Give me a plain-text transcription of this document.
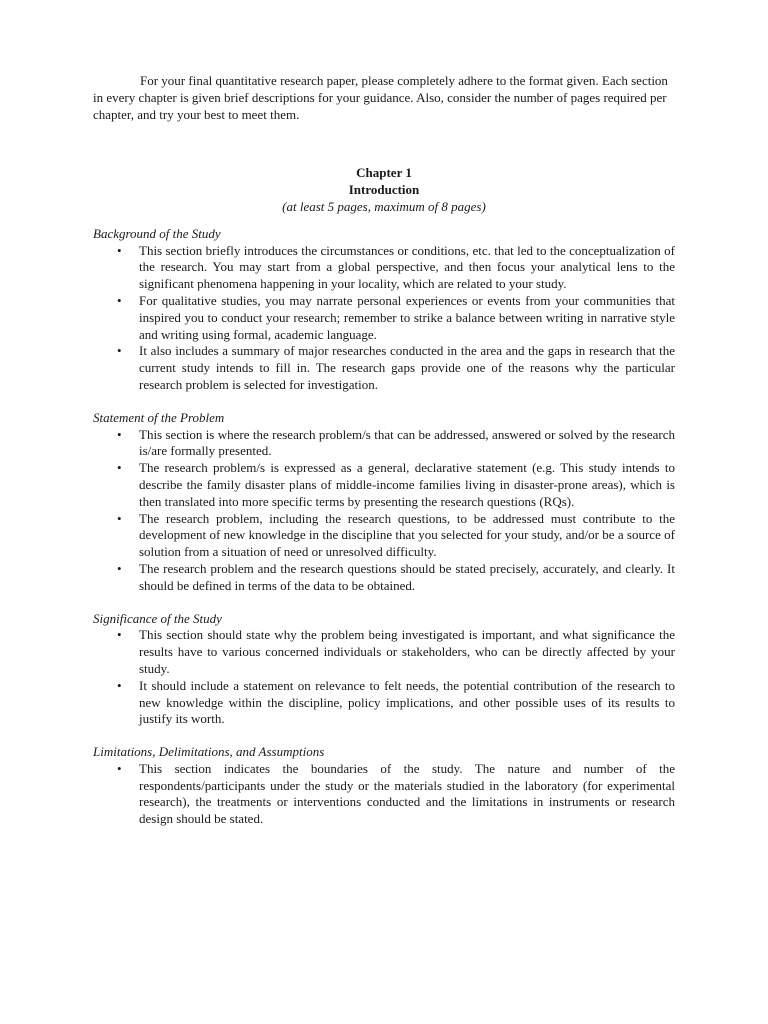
For your final quantitative research paper, please completely adhere to the format given. Each section in every chapter is given brief descriptions for your guidance. Also, consider the number of pages required per chapter, and try your best to meet them.

Chapter 1
Introduction
(at least 5 pages, maximum of 8 pages)
Background of the Study
• This section briefly introduces the circumstances or conditions, etc. that led to the conceptualization of the research. You may start from a global perspective, and then focus your analytical lens to the significant phenomena happening in your locality, which are related to your study.
• For qualitative studies, you may narrate personal experiences or events from your communities that inspired you to conduct your research; remember to strike a balance between writing in narrative style and writing using formal, academic language.
• It also includes a summary of major researches conducted in the area and the gaps in research that the current study intends to fill in. The research gaps provide one of the reasons why the particular research problem is selected for investigation.
Statement of the Problem
• This section is where the research problem/s that can be addressed, answered or solved by the research is/are formally presented.
• The research problem/s is expressed as a general, declarative statement (e.g. This study intends to describe the family disaster plans of middle-income families living in disaster-prone areas), which is then translated into more specific terms by presenting the research questions (RQs).
• The research problem, including the research questions, to be addressed must contribute to the development of new knowledge in the discipline that you selected for your study, and/or be a source of solution from a situation of need or unresolved difficulty.
• The research problem and the research questions should be stated precisely, accurately, and clearly. It should be defined in terms of the data to be obtained.
Significance of the Study
• This section should state why the problem being investigated is important, and what significance the results have to various concerned individuals or stakeholders, who can be directly affected by your study.
• It should include a statement on relevance to felt needs, the potential contribution of the research to new knowledge within the discipline, policy implications, and other possible uses of its results to justify its worth.
Limitations, Delimitations, and Assumptions
• This section indicates the boundaries of the study. The nature and number of the respondents/participants under the study or the materials studied in the laboratory (for experimental research), the treatments or interventions conducted and the limitations in instruments or research design should be stated.
